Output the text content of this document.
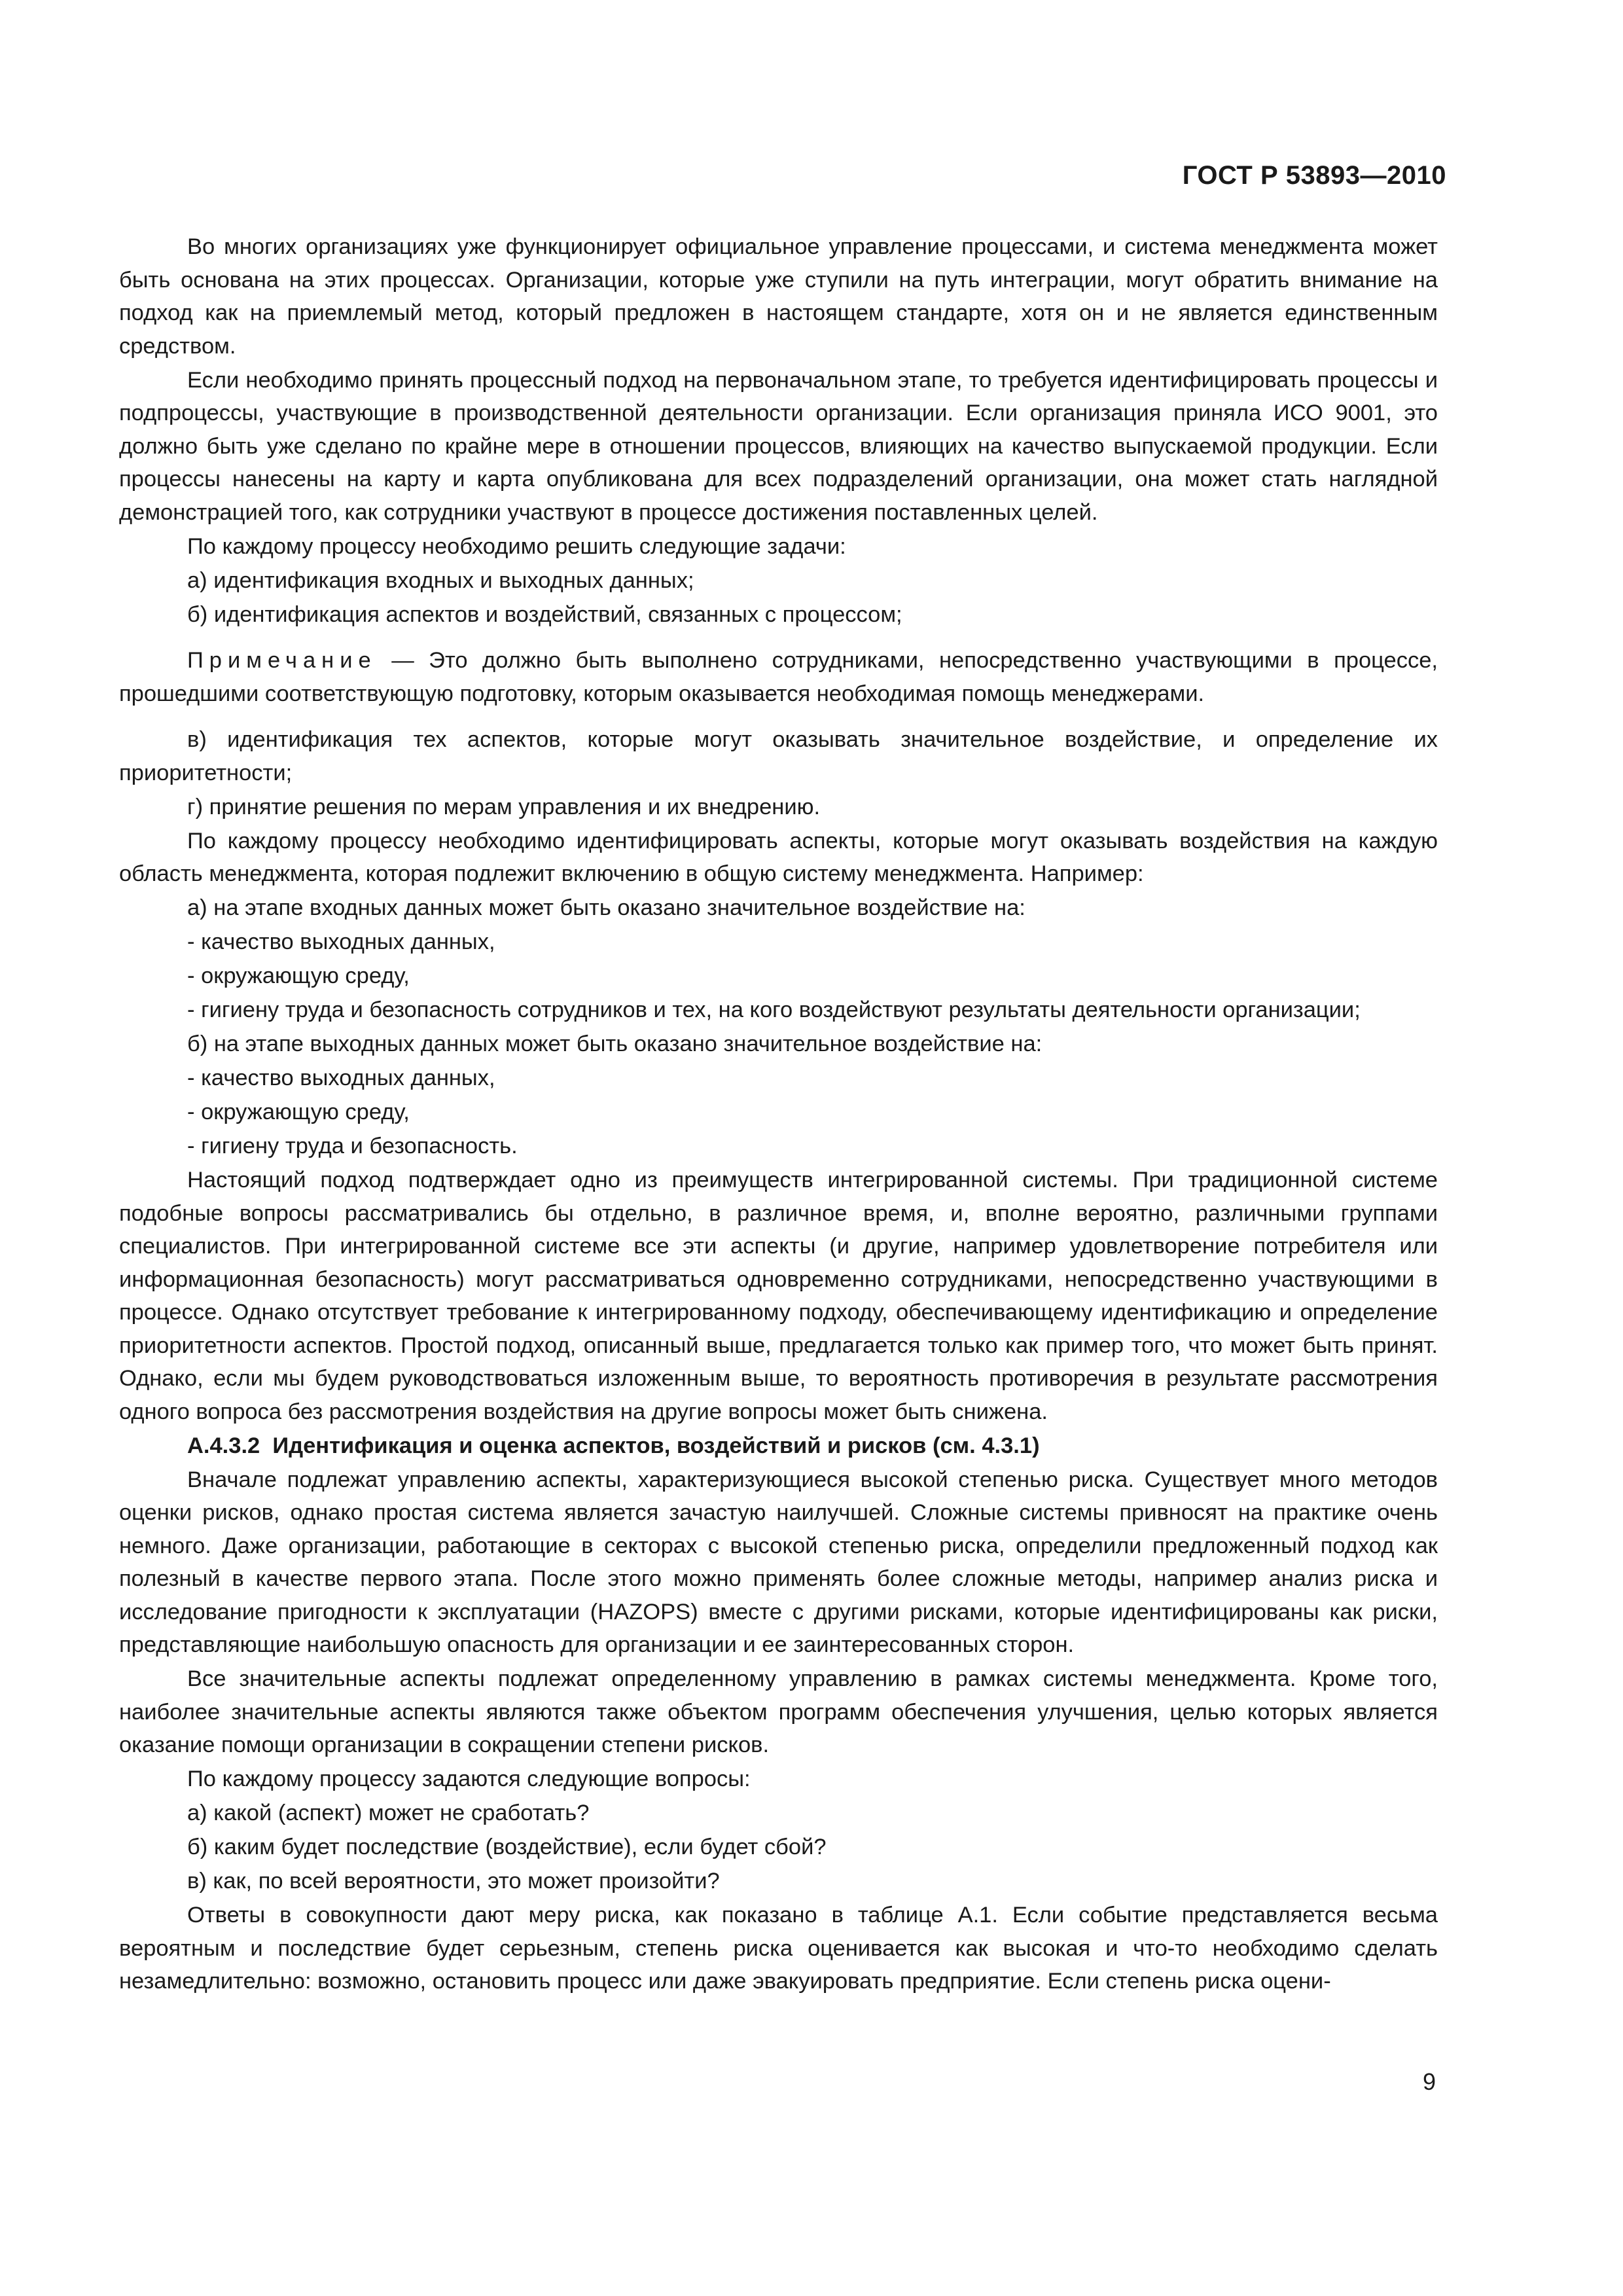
ГОСТ Р 53893—2010

Во многих организациях уже функционирует официальное управление процессами, и система менеджмента может быть основана на этих процессах. Организации, которые уже ступили на путь интеграции, могут обратить внимание на подход как на приемлемый метод, который предложен в настоящем стандарте, хотя он и не является единственным средством.

Если необходимо принять процессный подход на первоначальном этапе, то требуется идентифицировать процессы и подпроцессы, участвующие в производственной деятельности организации. Если организация приняла ИСО 9001, это должно быть уже сделано по крайне мере в отношении процессов, влияющих на качество выпускаемой продукции. Если процессы нанесены на карту и карта опубликована для всех подразделений организации, она может стать наглядной демонстрацией того, как сотрудники участвуют в процессе достижения поставленных целей.

По каждому процессу необходимо решить следующие задачи:

а) идентификация входных и выходных данных;

б) идентификация аспектов и воздействий, связанных с процессом;

Примечание — Это должно быть выполнено сотрудниками, непосредственно участвующими в процессе, прошедшими соответствующую подготовку, которым оказывается необходимая помощь менеджерами.

в) идентификация тех аспектов, которые могут оказывать значительное воздействие, и определение их приоритетности;

г) принятие решения по мерам управления и их внедрению.

По каждому процессу необходимо идентифицировать аспекты, которые могут оказывать воздействия на каждую область менеджмента, которая подлежит включению в общую систему менеджмента. Например:

а) на этапе входных данных может быть оказано значительное воздействие на:

- качество выходных данных,

- окружающую среду,

- гигиену труда и безопасность сотрудников и тех, на кого воздействуют результаты деятельности организации;

б) на этапе выходных данных может быть оказано значительное воздействие на:

- качество выходных данных,

- окружающую среду,

- гигиену труда и безопасность.

Настоящий подход подтверждает одно из преимуществ интегрированной системы. При традиционной системе подобные вопросы рассматривались бы отдельно, в различное время, и, вполне вероятно, различными группами специалистов. При интегрированной системе все эти аспекты (и другие, например удовлетворение потребителя или информационная безопасность) могут рассматриваться одновременно сотрудниками, непосредственно участвующими в процессе. Однако отсутствует требование к интегрированному подходу, обеспечивающему идентификацию и определение приоритетности аспектов. Простой подход, описанный выше, предлагается только как пример того, что может быть принят. Однако, если мы будем руководствоваться изложенным выше, то вероятность противоречия в результате рассмотрения одного вопроса без рассмотрения воздействия на другие вопросы может быть снижена.

А.4.3.2 Идентификация и оценка аспектов, воздействий и рисков (см. 4.3.1)

Вначале подлежат управлению аспекты, характеризующиеся высокой степенью риска. Существует много методов оценки рисков, однако простая система является зачастую наилучшей. Сложные системы привносят на практике очень немного. Даже организации, работающие в секторах с высокой степенью риска, определили предложенный подход как полезный в качестве первого этапа. После этого можно применять более сложные методы, например анализ риска и исследование пригодности к эксплуатации (HAZOPS) вместе с другими рисками, которые идентифицированы как риски, представляющие наибольшую опасность для организации и ее заинтересованных сторон.

Все значительные аспекты подлежат определенному управлению в рамках системы менеджмента. Кроме того, наиболее значительные аспекты являются также объектом программ обеспечения улучшения, целью которых является оказание помощи организации в сокращении степени рисков.

По каждому процессу задаются следующие вопросы:

а) какой (аспект) может не сработать?

б) каким будет последствие (воздействие), если будет сбой?

в) как, по всей вероятности, это может произойти?

Ответы в совокупности дают меру риска, как показано в таблице А.1. Если событие представляется весьма вероятным и последствие будет серьезным, степень риска оценивается как высокая и что-то необходимо сделать незамедлительно: возможно, остановить процесс или даже эвакуировать предприятие. Если степень риска оцени-

9
